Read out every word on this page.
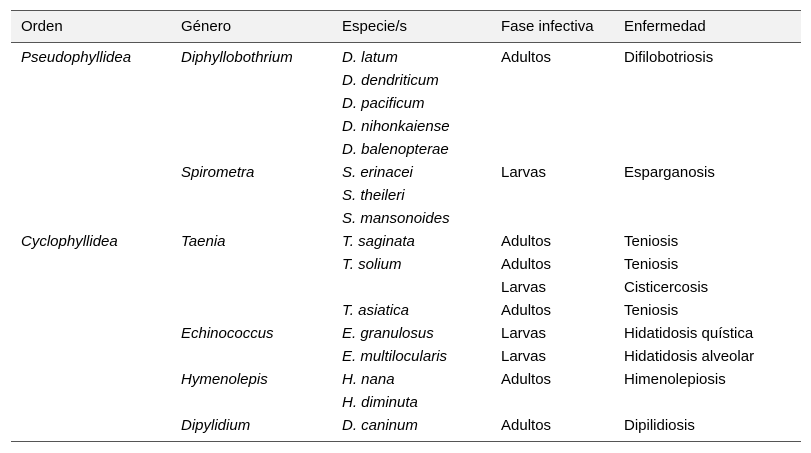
Orden	Género	Especie/s	Fase infectiva	Enfermedad
Pseudophyllidea	Diphyllobothrium	D. latum	Adultos	Difilobotriosis
		D. dendriticum		
		D. pacificum		
		D. nihonkaiense		
		D. balenopterae		
	Spirometra	S. erinacei	Larvas	Esparganosis
		S. theileri		
		S. mansonoides		
Cyclophyllidea	Taenia	T. saginata	Adultos	Teniosis
		T. solium	Adultos	Teniosis
			Larvas	Cisticercosis
		T. asiatica	Adultos	Teniosis
	Echinococcus	E. granulosus	Larvas	Hidatidosis quística
		E. multilocularis	Larvas	Hidatidosis alveolar
	Hymenolepis	H. nana	Adultos	Himenolepiosis
		H. diminuta		
	Dipylidium	D. caninum	Adultos	Dipilidiosis
